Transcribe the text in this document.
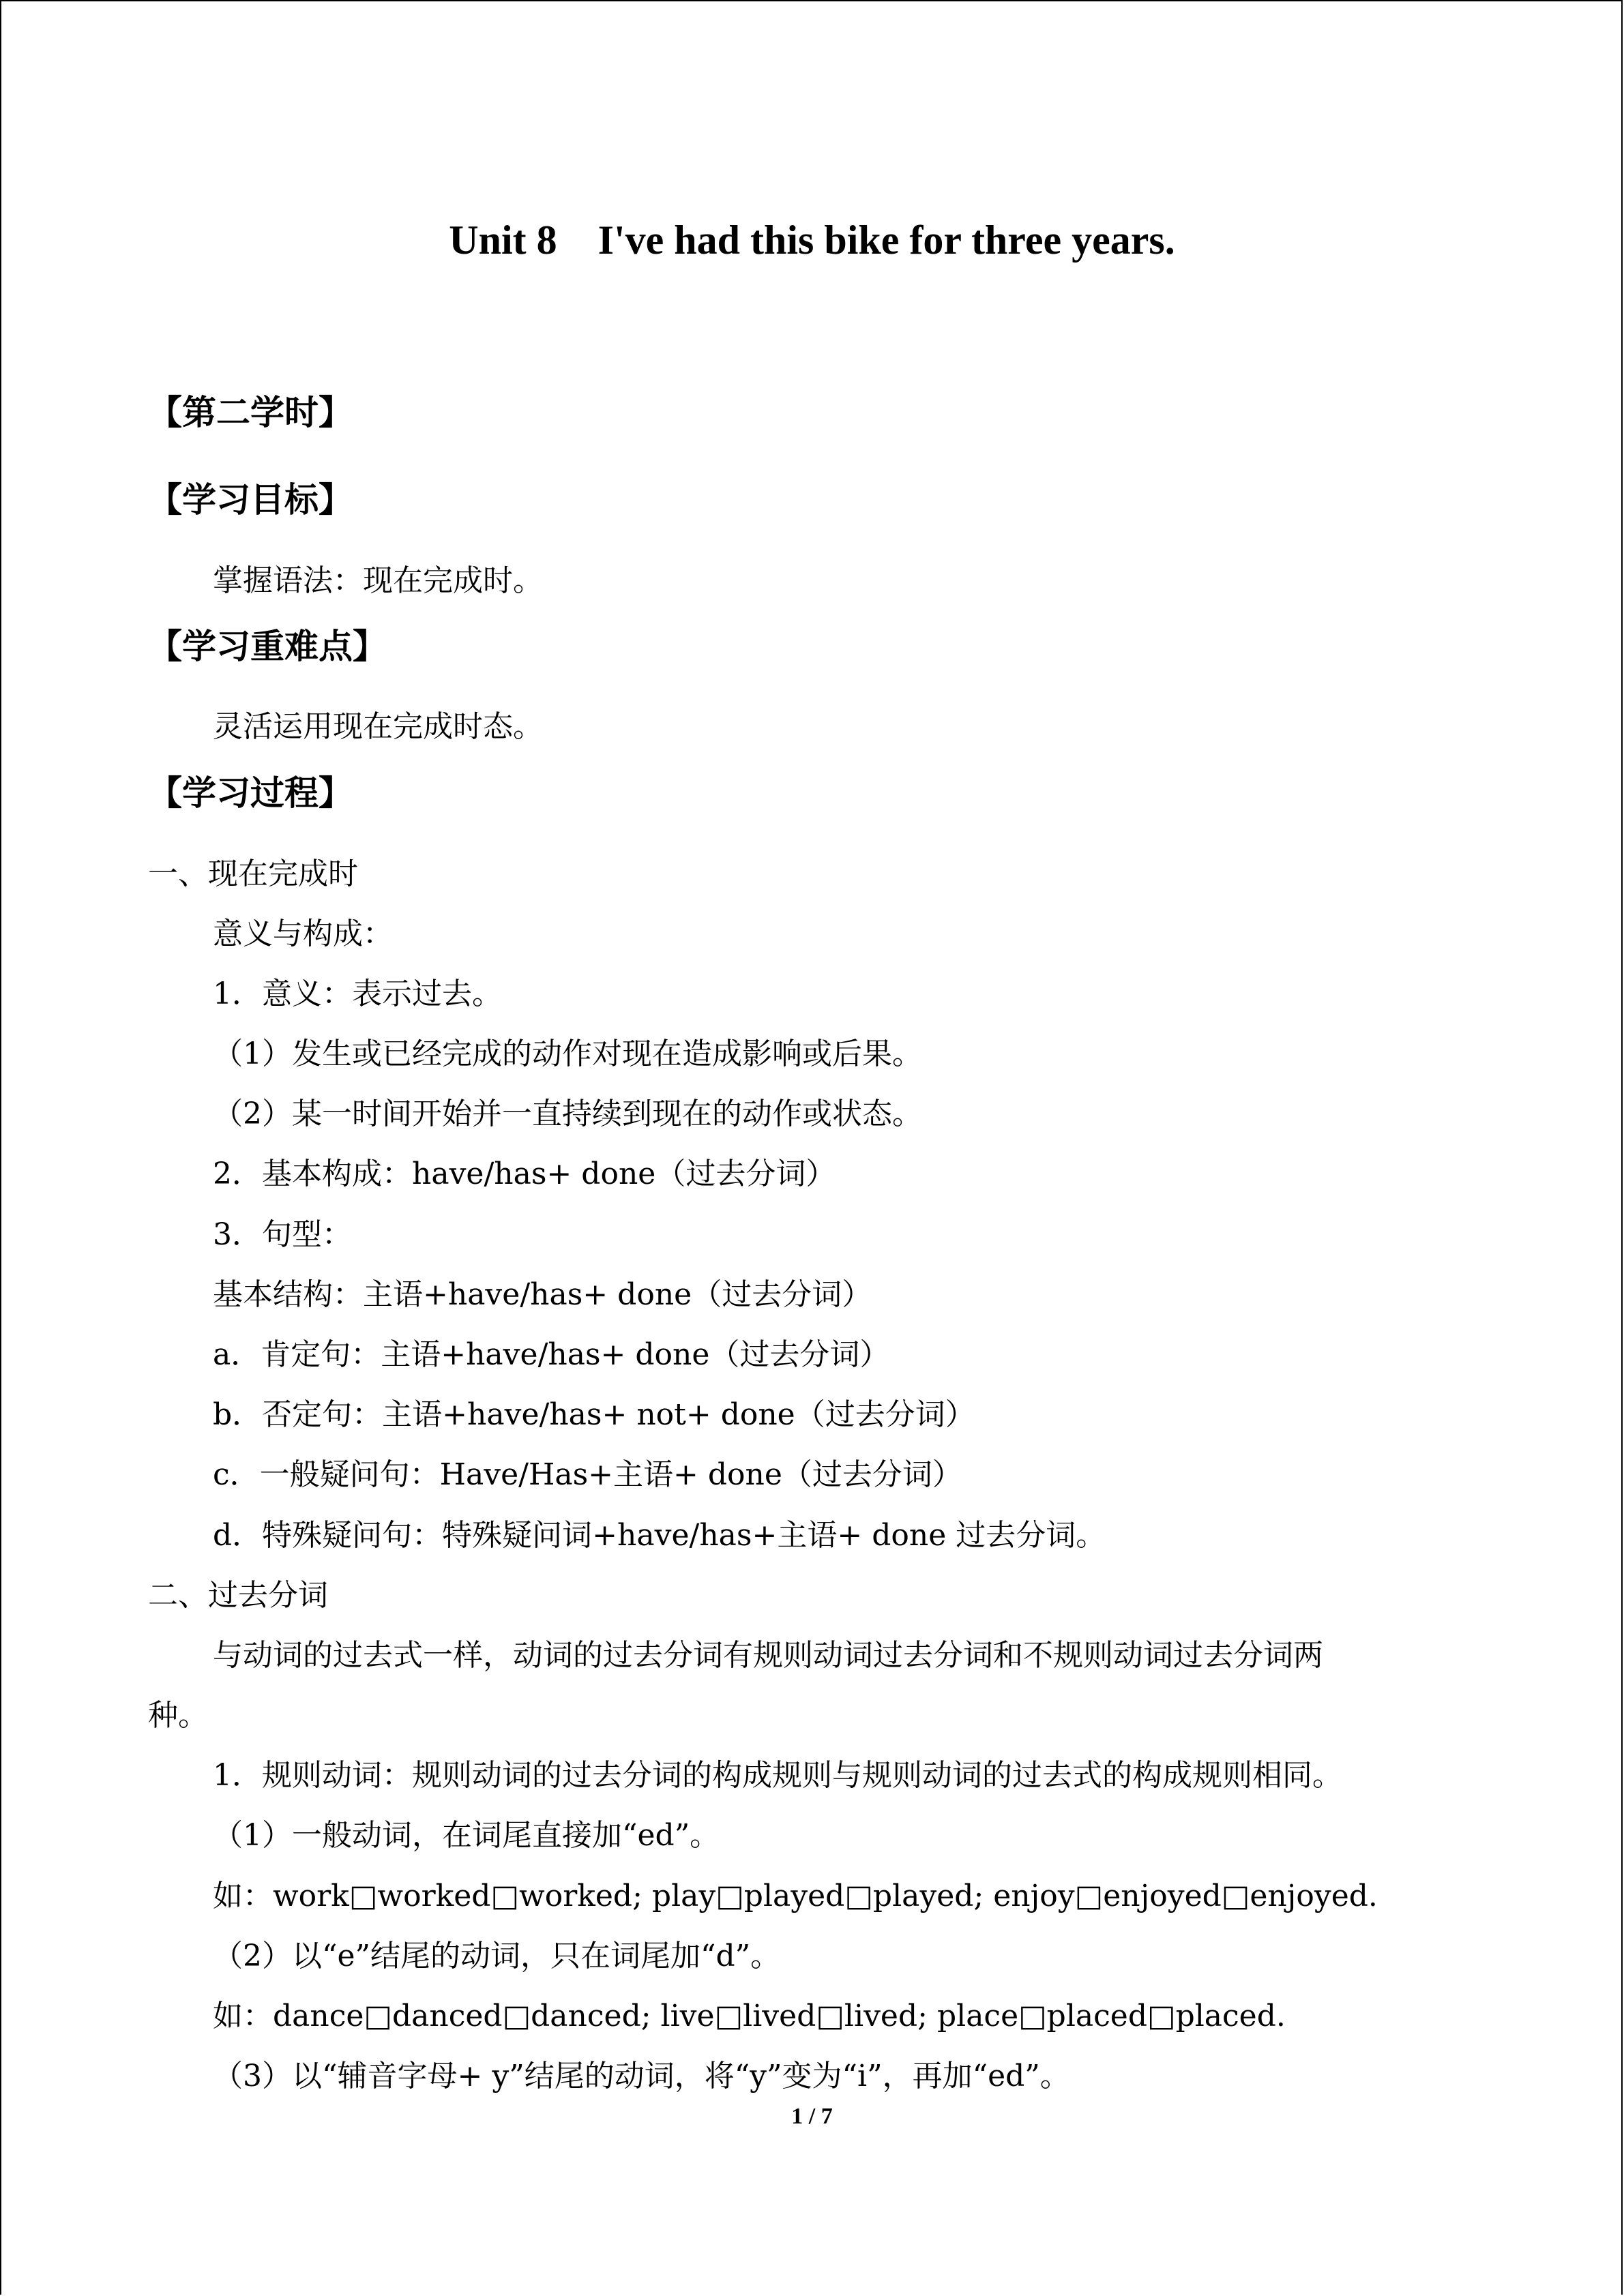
Unit 8    I've had this bike for three years.
【第二学时】
【学习目标】
掌握语法：现在完成时。
【学习重难点】
灵活运用现在完成时态。
【学习过程】
一、现在完成时
意义与构成：
1．意义：表示过去。
（1）发生或已经完成的动作对现在造成影响或后果。
（2）某一时间开始并一直持续到现在的动作或状态。
2．基本构成：have/has+ done（过去分词）
3．句型：
基本结构：主语+have/has+ done（过去分词）
a．肯定句：主语+have/has+ done（过去分词）
b．否定句：主语+have/has+ not+ done（过去分词）
c．一般疑问句：Have/Has+主语+ done（过去分词）
d．特殊疑问句：特殊疑问词+have/has+主语+ done 过去分词。
二、过去分词
与动词的过去式一样，动词的过去分词有规则动词过去分词和不规则动词过去分词两
种。
1．规则动词：规则动词的过去分词的构成规则与规则动词的过去式的构成规则相同。
（1）一般动词，在词尾直接加“ed”。
如：work□worked□worked; play□played□played; enjoy□enjoyed□enjoyed.
（2）以“e”结尾的动词，只在词尾加“d”。
如：dance□danced□danced; live□lived□lived; place□placed□placed.
（3）以“辅音字母+ y”结尾的动词，将“y”变为“i”，再加“ed”。
1 / 7
